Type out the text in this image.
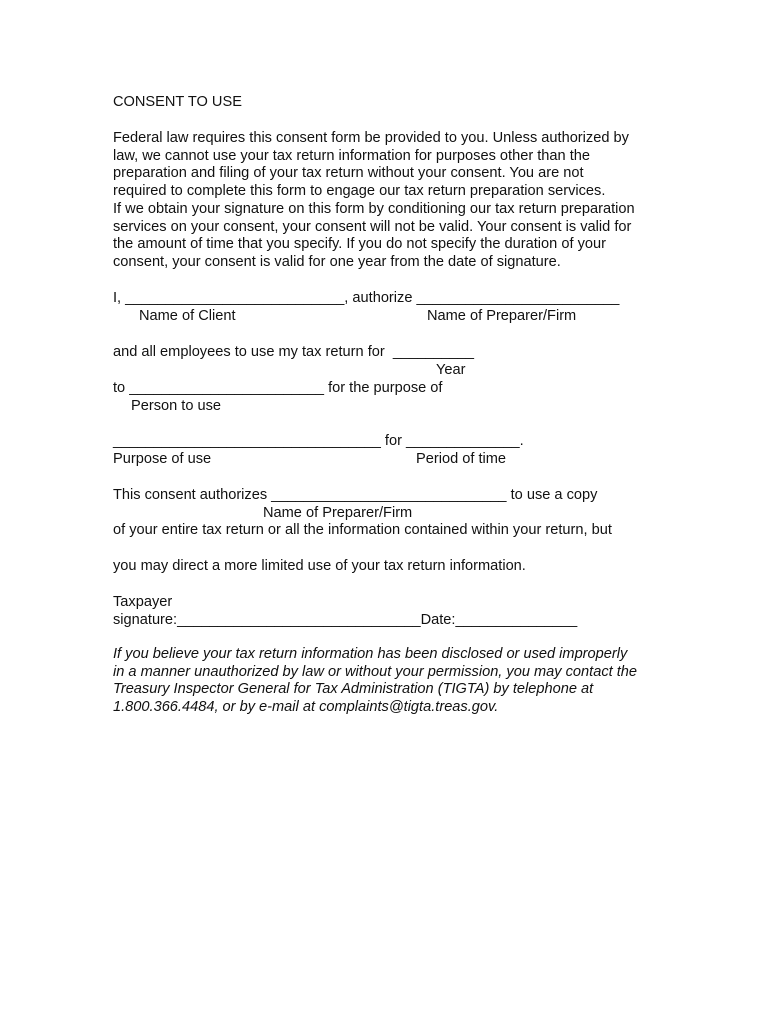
CONSENT TO USE

Federal law requires this consent form be provided to you. Unless authorized by

law, we cannot use your tax return information for purposes other than the

preparation and filing of your tax return without your consent. You are not

required to complete this form to engage our tax return preparation services.

If we obtain your signature on this form by conditioning our tax return preparation

services on your consent, your consent will not be valid. Your consent is valid for

the amount of time that you specify. If you do not specify the duration of your

consent, your consent is valid for one year from the date of signature.

I, ___________________________, authorize _________________________
Name of Client	Name of Preparer/Firm
and all employees to use my tax return for  __________
Year
to ________________________ for the purpose of
Person to use
_________________________________ for ______________.
Purpose of use	Period of time
This consent authorizes _____________________________ to use a copy
Name of Preparer/Firm
of your entire tax return or all the information contained within your return, but
you may direct a more limited use of your tax return information.
Taxpayer
signature:______________________________Date:_______________

If you believe your tax return information has been disclosed or used improperly

in a manner unauthorized by law or without your permission, you may contact the

Treasury Inspector General for Tax Administration (TIGTA) by telephone at

1.800.366.4484, or by e-mail at complaints@tigta.treas.gov.
